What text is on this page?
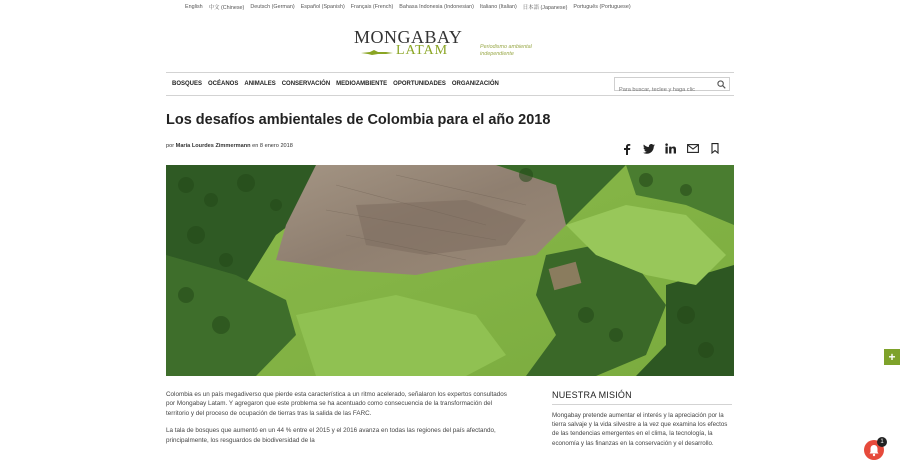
English 中文 (Chinese) Deutsch (German) Español (Spanish) Français (French) Bahasa Indonesia (Indonesian) Italiano (Italian) 日本語 (Japanese) Português (Portuguese)
MONGABAY
LATAM	Periodismo ambiental independiente
BOSQUES OCÉANOS ANIMALES CONSERVACIÓN MEDIOAMBIENTE OPORTUNIDADES ORGANIZACIÓN
Para buscar, teclee y haga clic
Los desafíos ambientales de Colombia para el año 2018
por María Lourdes Zimmermann en 8 enero 2018

Colombia es un país megadiverso que pierde esta característica a un ritmo acelerado, señalaron los expertos consultados por Mongabay Latam. Y agregaron que este problema se ha acentuado como consecuencia de la transformación del territorio y del proceso de ocupación de tierras tras la salida de las FARC.

La tala de bosques que aumentó en un 44 % entre el 2015 y el 2016 avanza en todas las regiones del país afectando, principalmente, los resguardos de biodiversidad de la

NUESTRA MISIÓN

Mongabay pretende aumentar el interés y la apreciación por la tierra salvaje y la vida silvestre a la vez que examina los efectos de las tendencias emergentes en el clima, la tecnología, la economía y las finanzas en la conservación y el desarrollo.

+
1
